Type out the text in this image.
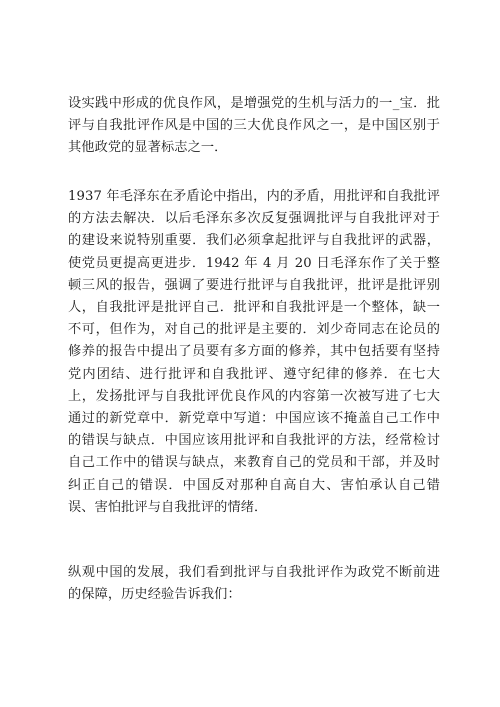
设实践中形成的优良作风，是增强党的生机与活力的一_宝．批评与自我批评作风是中国的三大优良作风之一，是中国区别于其他政党的显著标志之一．

1937 年毛泽东在矛盾论中指出，内的矛盾，用批评和自我批评的方法去解决．以后毛泽东多次反复强调批评与自我批评对于的建设来说特别重要．我们必须拿起批评与自我批评的武器，使党员更提高更进步．1942 年 4 月 20 日毛泽东作了关于整顿三风的报告，强调了要进行批评与自我批评，批评是批评别人，自我批评是批评自己．批评和自我批评是一个整体，缺一不可，但作为，对自己的批评是主要的．刘少奇同志在论员的修养的报告中提出了员要有多方面的修养，其中包括要有坚持党内团结、进行批评和自我批评、遵守纪律的修养．在七大上，发扬批评与自我批评优良作风的内容第一次被写进了七大通过的新党章中．新党章中写道：中国应该不掩盖自己工作中的错误与缺点．中国应该用批评和自我批评的方法，经常检讨自己工作中的错误与缺点，来教育自己的党员和干部，并及时纠正自己的错误．中国反对那种自高自大、害怕承认自己错误、害怕批评与自我批评的情绪．

纵观中国的发展，我们看到批评与自我批评作为政党不断前进的保障，历史经验告诉我们：
